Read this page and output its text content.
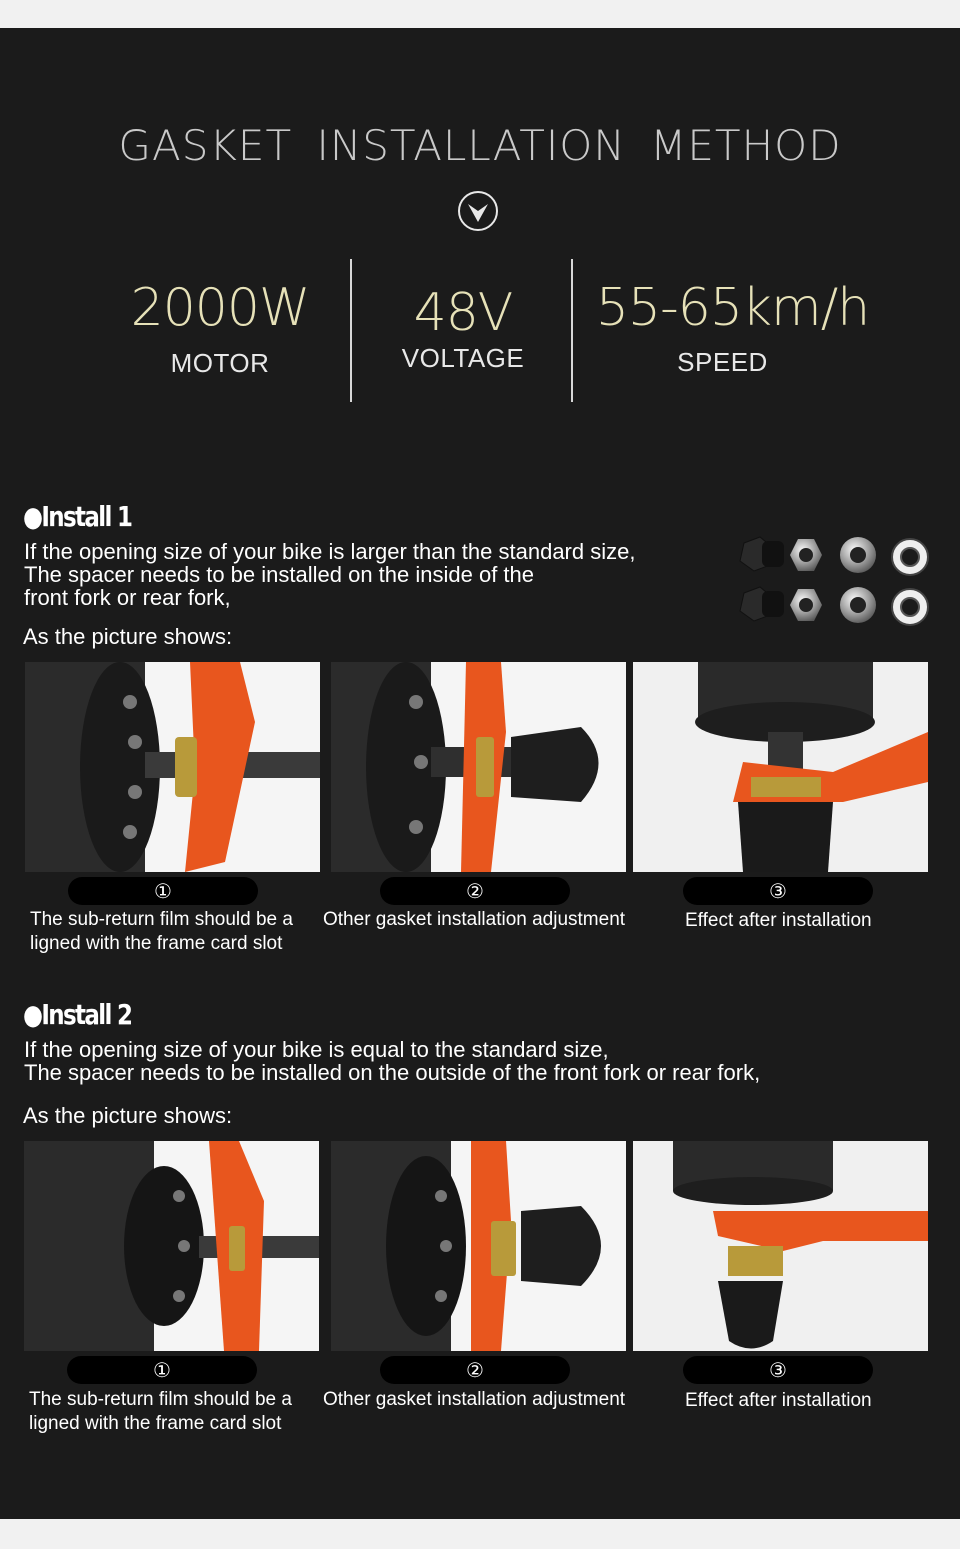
GASKET INSTALLATION METHOD
2000W
MOTOR
48V
VOLTAGE
55-65km/h
SPEED
●Install 1
If the opening size of your bike is larger than the standard size,
The spacer needs to be installed on the inside of the
front fork or rear fork,
As the picture shows:
①	②	③
The sub-return film should be a
ligned with the frame card slot
Other gasket installation adjustment	Effect after installation
●Install 2
If the opening size of your bike is equal to the standard size,
The spacer needs to be installed on the outside of the front fork or rear fork,
As the picture shows:
①	②	③
The sub-return film should be a
ligned with the frame card slot
Other gasket installation adjustment	Effect after installation
